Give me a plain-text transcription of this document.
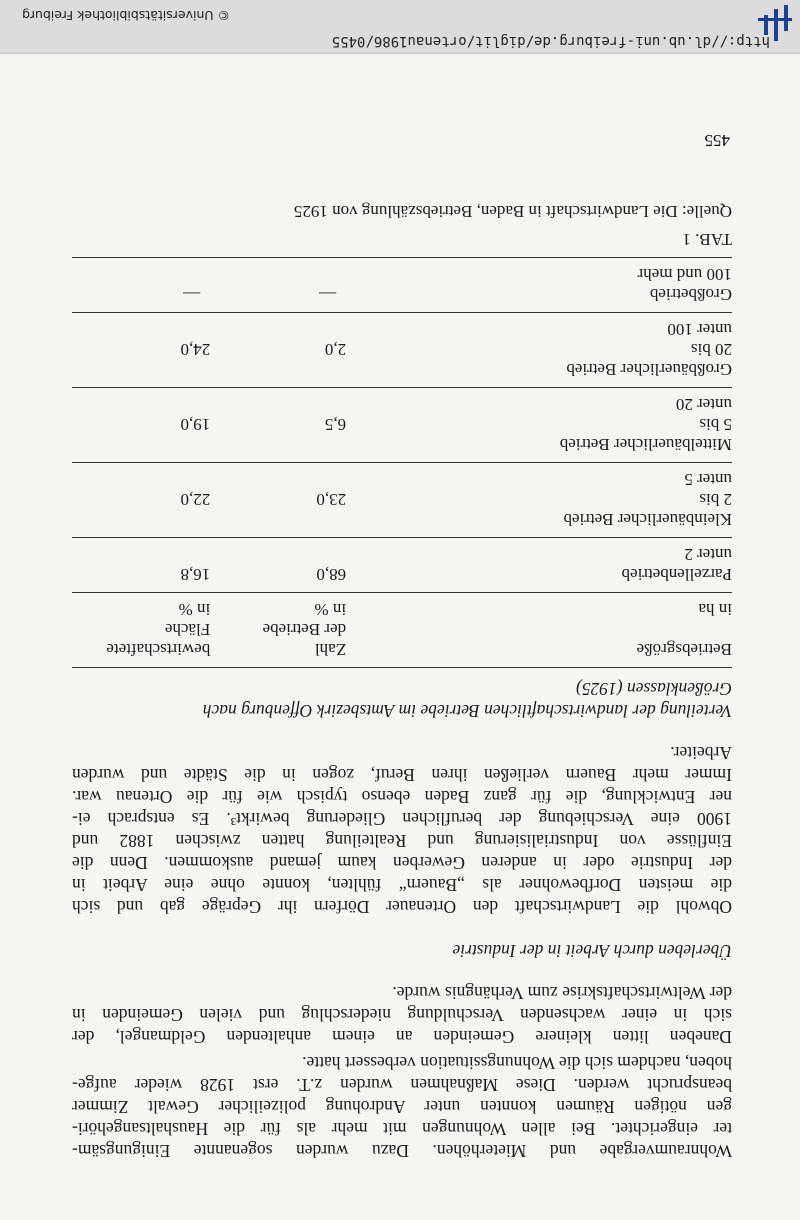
Wohnraumvergabe und Mieterhöhen. Dazu wurden sogenannte Einigungsäm-
ter eingerichtet. Bei allen Wohnungen mit mehr als für die Haushaltsangehöri-
gen nötigen Räumen konnten unter Androhung polizeilicher Gewalt Zimmer
beansprucht werden. Diese Maßnahmen wurden z.T. erst 1928 wieder aufge-
hoben, nachdem sich die Wohnungssituation verbessert hatte.

Daneben litten kleinere Gemeinden an einem anhaltenden Geldmangel, der
sich in einer wachsenden Verschuldung niederschlug und vielen Gemeinden in
der Weltwirtschaftskrise zum Verhängnis wurde.

Überleben durch Arbeit in der Industrie

Obwohl die Landwirtschaft den Ortenauer Dörfern ihr Gepräge gab und sich
die meisten Dorfbewohner als „Bauern“ fühlten, konnte ohne eine Arbeit in
der Industrie oder in anderen Gewerben kaum jemand auskommen. Denn die
Einflüsse von Industrialisierung und Realteilung hatten zwischen 1882 und
1900 eine Verschiebung der beruflichen Gliederung bewirkt³. Es entsprach ei-
ner Entwicklung, die für ganz Baden ebenso typisch wie für die Ortenau war.
Immer mehr Bauern verließen ihren Beruf, zogen in die Städte und wurden
Arbeiter.

Verteilung der landwirtschaftlichen Betriebe im Amtsbezirk Offenburg nach

Größenklassen (1925)

Betriebsgröße
in ha	Zahl
der Betriebe
in %	bewirtschaftete
Fläche
in %

Parzellenbetrieb
unter 2	68,0	16,8

Kleinbäuerlicher Betrieb
2 bis
unter 5	23,0	22,0

Mittelbäuerlicher Betrieb
5 bis
unter 20	6,5	19,0

Großbäuerlicher Betrieb
20 bis
unter 100	2,0	24,0

Großbetrieb
100 und mehr	—	—

TAB. 1
Quelle: Die Landwirtschaft in Baden, Betriebszählung von 1925
455
http://dl.ub.uni-freiburg.de/diglit/ortenau1986/0455
© Universitätsbibliothek Freiburg
